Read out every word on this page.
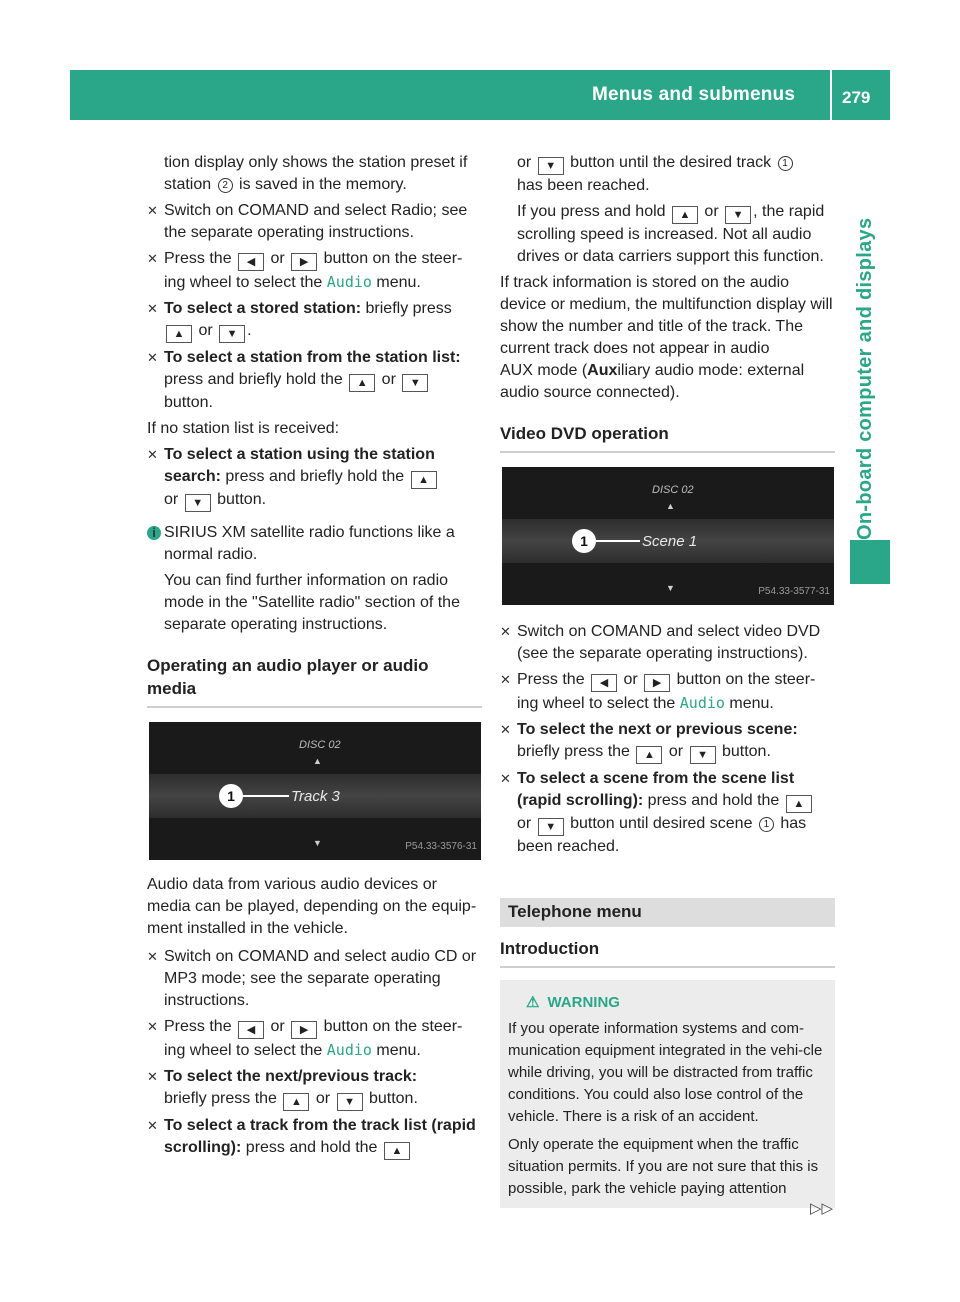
Menus and submenus	279
On-board computer and displays

tion display only shows the station preset if

station 2 is saved in the memory.

✕ Switch on COMAND and select Radio; see the separate operating instructions.
✕ Press the ◀ or ▶ button on the steer-ing wheel to select the Audio menu.
✕ To select a stored station: briefly press
▲ or ▼ .
✕ To select a station from the station list:
press and briefly hold the ▲ or ▼
button.

If no station list is received:

✕ To select a station using the station search: press and briefly hold the ▲
or ▼ button.
i SIRIUS XM satellite radio functions like a normal radio.

You can find further information on radio mode in the "Satellite radio" section of the separate operating instructions.

Operating an audio player or audio media
DISC 02
▲
Track 3
1
▼	P54.33-3576-31

Audio data from various audio devices or media can be played, depending on the equip-ment installed in the vehicle.

✕ Switch on COMAND and select audio CD or MP3 mode; see the separate operating instructions.
✕ Press the ◀ or ▶ button on the steer-ing wheel to select the Audio menu.
✕ To select the next/previous track:
briefly press the ▲ or ▼ button.
✕ To select a track from the track list (rapid scrolling): press and hold the ▲

or ▼ button until the desired track 1
has been reached.

If you press and hold ▲ or ▼ , the rapid scrolling speed is increased. Not all audio drives or data carriers support this function.

If track information is stored on the audio device or medium, the multifunction display will show the number and title of the track. The current track does not appear in audio

AUX mode (Auxiliary audio mode: external audio source connected).

Video DVD operation
DISC 02
▲
Scene 1
1
▼	P54.33-3577-31
✕ Switch on COMAND and select video DVD (see the separate operating instructions).
✕ Press the ◀ or ▶ button on the steer-ing wheel to select the Audio menu.
✕ To select the next or previous scene:
briefly press the ▲ or ▼ button.
✕ To select a scene from the scene list (rapid scrolling): press and hold the ▲
or ▼ button until desired scene 1 has been reached.
Telephone menu
Introduction
⚠ WARNING

If you operate information systems and com-munication equipment integrated in the vehi-cle while driving, you will be distracted from traffic conditions. You could also lose control of the vehicle. There is a risk of an accident.

Only operate the equipment when the traffic situation permits. If you are not sure that this is possible, park the vehicle paying attention

▷▷
